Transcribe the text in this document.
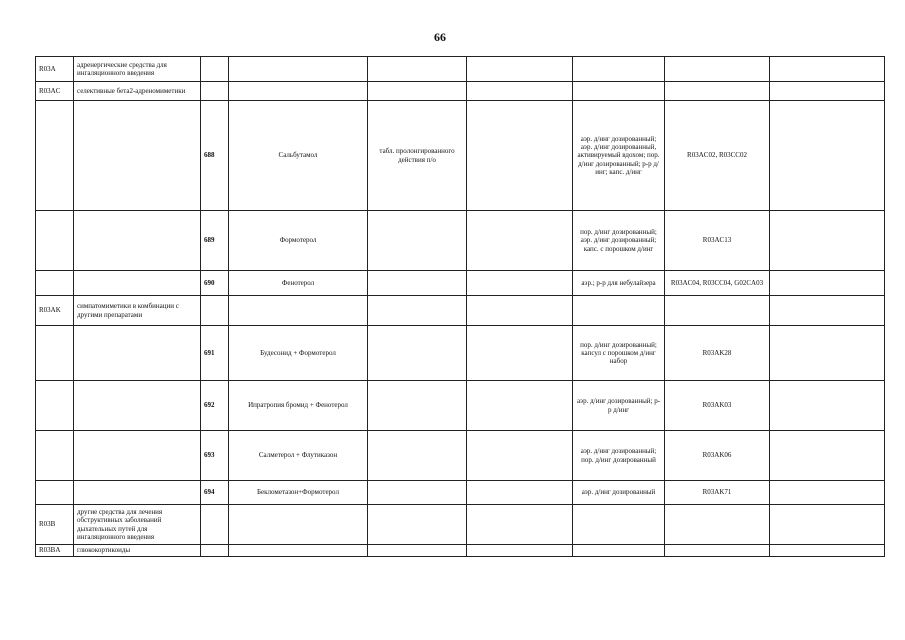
66
R03A	адренергические средства для ингаляционного введения							
R03AC	селективные бета2-адреномиметики							
		688	Сальбутамол	табл. пролонгированного действия п/о		аэр. д/инг дозированный; аэр. д/инг дозированный, активируемый вдохом; пор. д/инг дозированный; р-р д/инг; капс. д/инг	R03AC02, R03CC02	
		689	Формотерол			пор. д/инг дозированный; аэр. д/инг дозированный; капс. с порошком д/инг	R03AC13	
		690	Фенотерол			аэр.; р-р для небулайзера	R03AC04, R03CC04, G02CA03	
R03AK	симпатомиметики в комбинации с другими препаратами							
		691	Будесонид + Формотерол			пор. д/инг дозированный; капсул с порошком д/инг набор	R03AK28	
		692	Ипратропия бромид + Фенотерол			аэр. д/инг дозированный; р-р д/инг	R03AK03	
		693	Салметерол + Флутиказон			аэр. д/инг дозированный; пор. д/инг дозированный	R03AK06	
		694	Беклометазон+Формотерол			аэр. д/инг дозированный	R03AK71	
R03B	другие средства для лечения обструктивных заболеваний дыхательных путей для ингаляционного введения							
R03BA	глюкокортикоиды							
